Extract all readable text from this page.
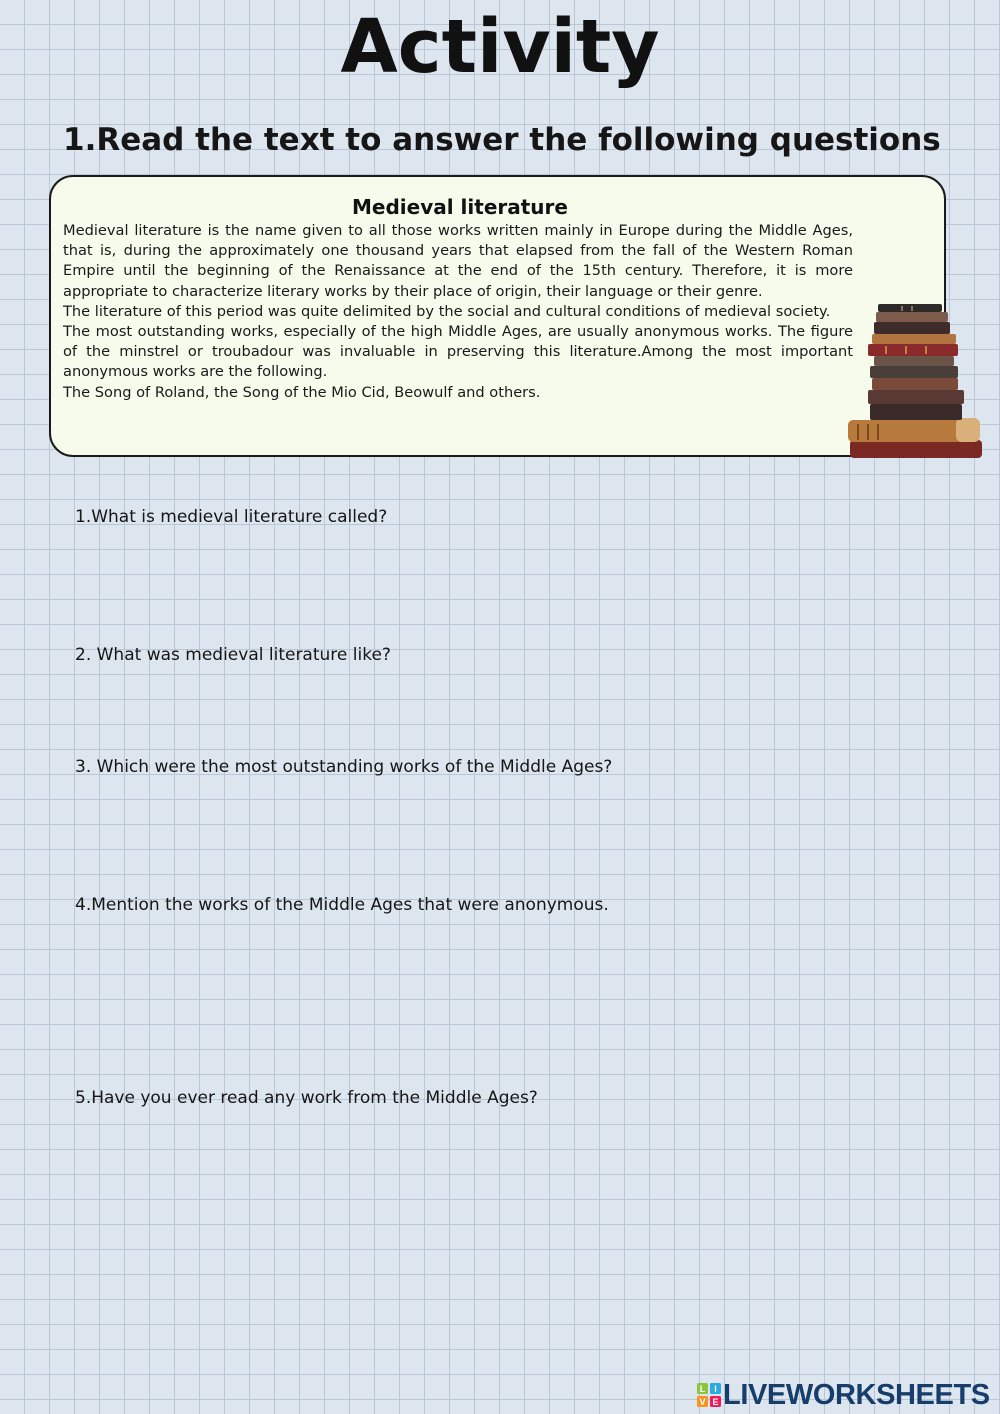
Activity
1.Read the text to answer the following questions
Medieval literature

Medieval literature is the name given to all those works written mainly in Europe during the Middle Ages, that is, during the approximately one thousand years that elapsed from the fall of the Western Roman Empire until the beginning of the Renaissance at the end of the 15th century. Therefore, it is more appropriate to characterize literary works by their place of origin, their language or their genre.

The literature of this period was quite delimited by the social and cultural conditions of medieval society.

The most outstanding works, especially of the high Middle Ages, are usually anonymous works. The figure of the minstrel or troubadour was invaluable in preserving this literature.Among the most important anonymous works are the following.

The Song of Roland, the Song of the Mio Cid, Beowulf and others.

1.What is medieval literature called?
2. What was medieval literature like?
3. Which were the most outstanding works of the Middle Ages?
4.Mention the works of the Middle Ages that were anonymous.
5.Have you ever read any work from the Middle Ages?
L I
V E LIVEWORKSHEETS
